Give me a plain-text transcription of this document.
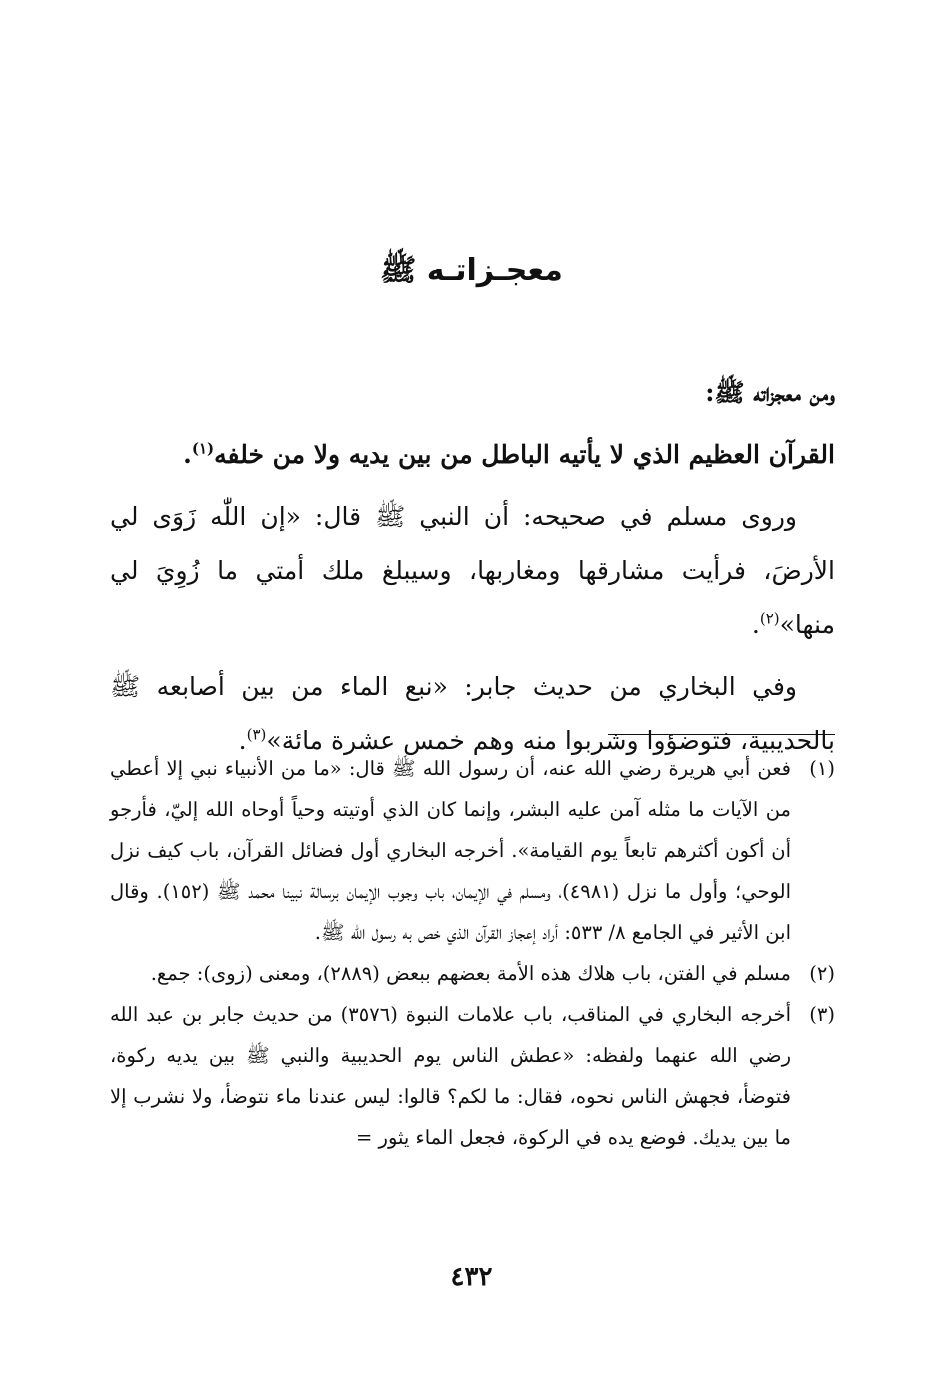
معجـزاتـه ﷺ

ومن معجزاته ﷺ:

القرآن العظيم الذي لا يأتيه الباطل من بين يديه ولا من خلفه$^{(١)}$.

وروى مسلم في صحيحه: أن النبي ﷺ قال: «إن اللّٰه زَوَى لي الأرضَ، فرأيت مشارقها ومغاربها، وسيبلغ ملك أمتي ما زُوِيَ لي منها»$^{(٢)}$.

وفي البخاري من حديث جابر: «نبع الماء من بين أصابعه ﷺ بالحديبية، فتوضؤوا وشربوا منه وهم خمس عشرة مائة»$^{(٣)}$.

(١)
فعن أبي هريرة رضي الله عنه، أن رسول الله ﷺ قال: «ما من الأنبياء نبي إلا أعطي من الآيات ما مثله آمن عليه البشر، وإنما كان الذي أوتيته وحياً أوحاه الله إليّ، فأرجو أن أكون أكثرهم تابعاً يوم القيامة». أخرجه البخاري أول فضائل القرآن، باب كيف نزل الوحي؛ وأول ما نزل (٤٩٨١)، ومسلم في الإيمان، باب وجوب الإيمان برسالة نبينا محمد ﷺ (١٥٢). وقال ابن الأثير في الجامع ٨/ ٥٣٣: أراد إعجاز القرآن الذي خص به رسول الله ﷺ.
(٢)
مسلم في الفتن، باب هلاك هذه الأمة بعضهم ببعض (٢٨٨٩)، ومعنى (زوى): جمع.
(٣)
أخرجه البخاري في المناقب، باب علامات النبوة (٣٥٧٦) من حديث جابر بن عبد الله رضي الله عنهما ولفظه: «عطش الناس يوم الحديبية والنبي ﷺ بين يديه ركوة، فتوضأ، فجهش الناس نحوه، فقال: ما لكم؟ قالوا: ليس عندنا ماء نتوضأ، ولا نشرب إلا ما بين يديك. فوضع يده في الركوة، فجعل الماء يثور =
٤٣٢
